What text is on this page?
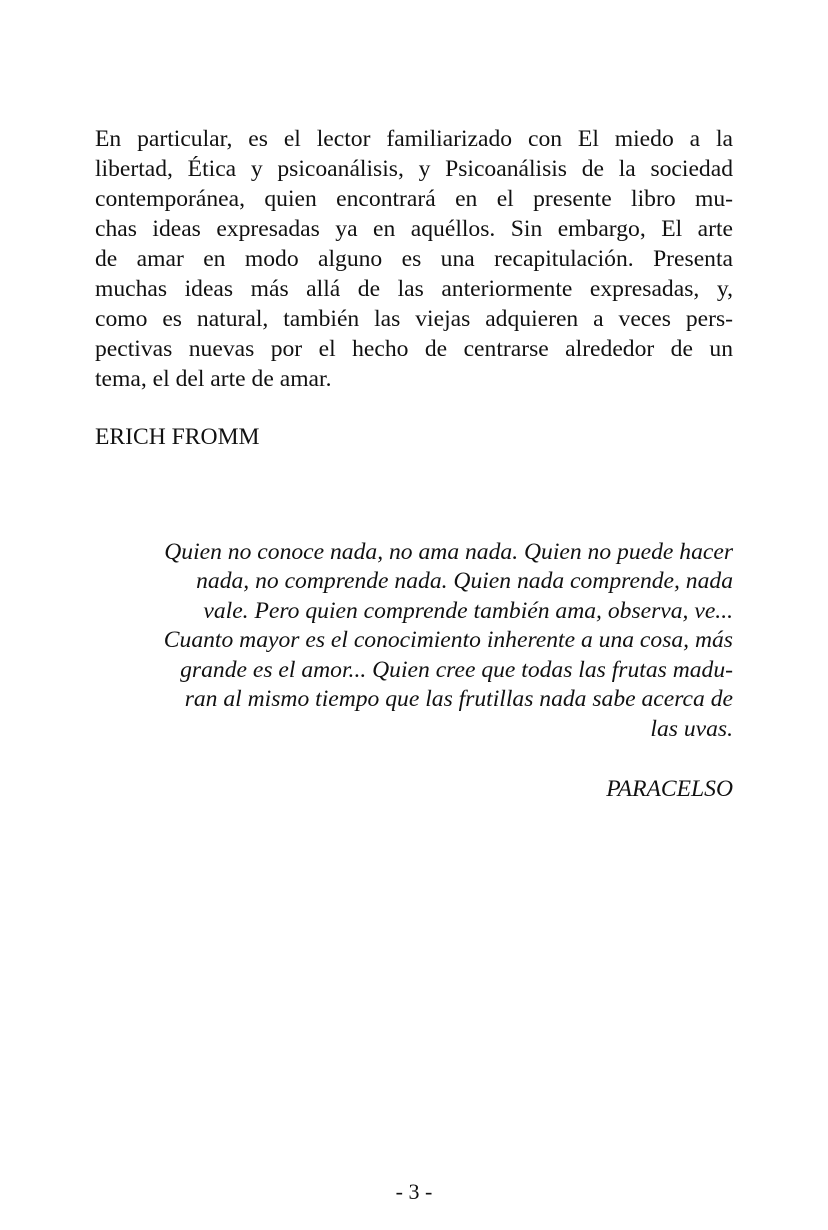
En particular, es el lector familiarizado con El miedo a la

libertad, Ética y psicoanálisis, y Psicoanálisis de la sociedad

contemporánea, quien encontrará en el presente libro mu-

chas ideas expresadas ya en aquéllos. Sin embargo, El arte

de amar en modo alguno es una recapitulación. Presenta

muchas ideas más allá de las anteriormente expresadas, y,

como es natural, también las viejas adquieren a veces pers-

pectivas nuevas por el hecho de centrarse alrededor de un

tema, el del arte de amar.

ERICH FROMM

Quien no conoce nada, no ama nada. Quien no puede hacer

nada, no comprende nada. Quien nada comprende, nada

vale. Pero quien comprende también ama, observa, ve...

Cuanto mayor es el conocimiento inherente a una cosa, más

grande es el amor... Quien cree que todas las frutas madu-

ran al mismo tiempo que las frutillas nada sabe acerca de

las uvas.

PARACELSO

- 3 -
